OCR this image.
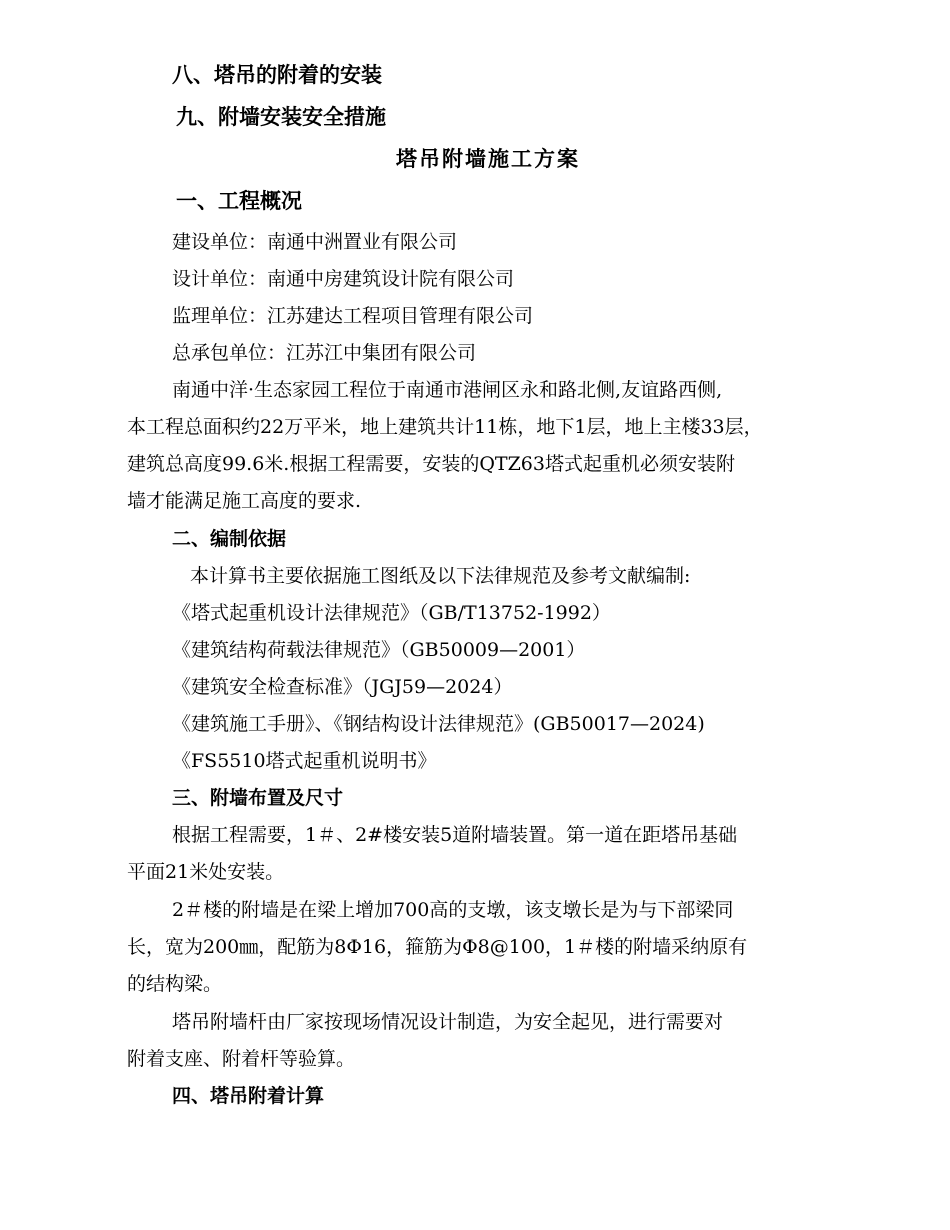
八、塔吊的附着的安装
九、附墙安装安全措施
塔吊附墙施工方案
一、工程概况
建设单位：南通中洲置业有限公司
设计单位：南通中房建筑设计院有限公司
监理单位：江苏建达工程项目管理有限公司
总承包单位：江苏江中集团有限公司
南通中洋·生态家园工程位于南通市港闸区永和路北侧,友谊路西侧,
本工程总面积约22万平米，地上建筑共计11栋，地下1层，地上主楼33层，
建筑总高度99.6米.根据工程需要，安装的QTZ63塔式起重机必须安装附
墙才能满足施工高度的要求.
二、编制依据
本计算书主要依据施工图纸及以下法律规范及参考文献编制:
《塔式起重机设计法律规范》（GB/T13752-1992）
《建筑结构荷载法律规范》（GB50009—2001）
《建筑安全检查标准》（JGJ59—2024）
《建筑施工手册》、《钢结构设计法律规范》(GB50017—2024)
《FS5510塔式起重机说明书》
三、附墙布置及尺寸
根据工程需要，1＃、2#楼安装5道附墙装置。第一道在距塔吊基础
平面21米处安装。
2＃楼的附墙是在梁上增加700高的支墩，该支墩长是为与下部梁同
长，宽为200㎜，配筋为8Φ16，箍筋为Φ8@100，1＃楼的附墙采纳原有
的结构梁。
塔吊附墙杆由厂家按现场情况设计制造，为安全起见，进行需要对
附着支座、附着杆等验算。
四、塔吊附着计算
